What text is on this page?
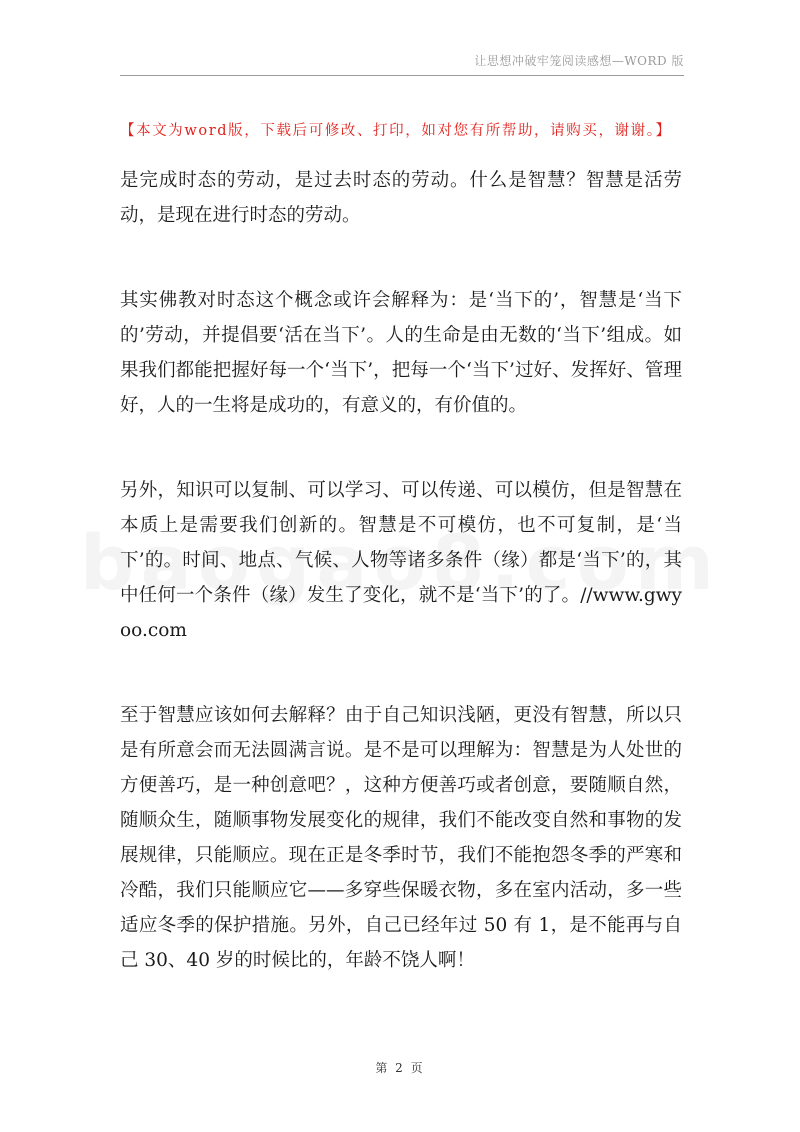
让思想冲破牢笼阅读感想—WORD 版
【本文为word版，下载后可修改、打印，如对您有所帮助，请购买，谢谢。】

是完成时态的劳动，是过去时态的劳动。什么是智慧？智慧是活劳动，是现在进行时态的劳动。

其实佛教对时态这个概念或许会解释为：是‘当下的’，智慧是‘当下的’劳动，并提倡要‘活在当下’。人的生命是由无数的‘当下’组成。如果我们都能把握好每一个‘当下’，把每一个‘当下’过好、发挥好、管理好，人的一生将是成功的，有意义的，有价值的。

另外，知识可以复制、可以学习、可以传递、可以模仿，但是智慧在本质上是需要我们创新的。智慧是不可模仿，也不可复制，是‘当下’的。时间、地点、气候、人物等诸多条件（缘）都是‘当下’的，其中任何一个条件（缘）发生了变化，就不是‘当下’的了。//www.gwyoo.com

至于智慧应该如何去解释？由于自己知识浅陋，更没有智慧，所以只是有所意会而无法圆满言说。是不是可以理解为：智慧是为人处世的方便善巧，是一种创意吧？，这种方便善巧或者创意，要随顺自然，随顺众生，随顺事物发展变化的规律，我们不能改变自然和事物的发展规律，只能顺应。现在正是冬季时节，我们不能抱怨冬季的严寒和冷酷，我们只能顺应它——多穿些保暖衣物，多在室内活动，多一些适应冬季的保护措施。另外，自己已经年过 50 有 1，是不能再与自己 30、40 岁的时候比的，年龄不饶人啊！

第 2 页
